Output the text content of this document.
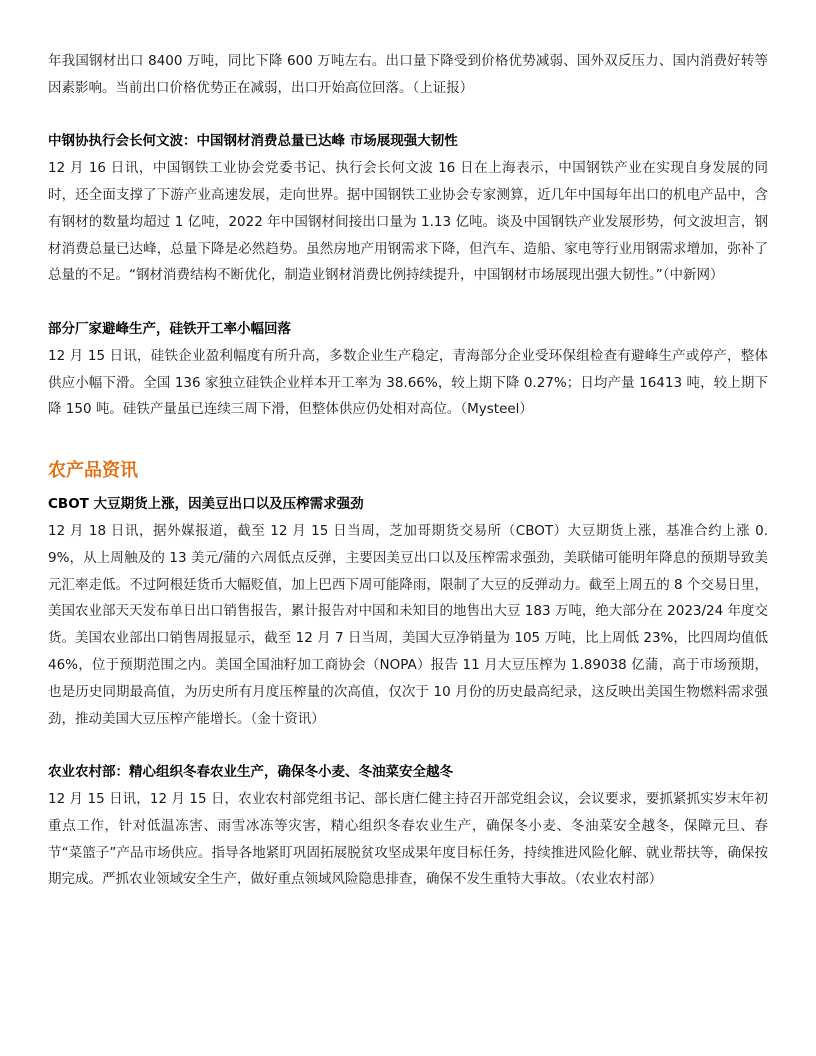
年我国钢材出口 8400 万吨，同比下降 600 万吨左右。出口量下降受到价格优势减弱、国外双反压力、国内消费好转等因素影响。当前出口价格优势正在减弱，出口开始高位回落。（上证报）

中钢协执行会长何文波：中国钢材消费总量已达峰 市场展现强大韧性

12 月 16 日讯，中国钢铁工业协会党委书记、执行会长何文波 16 日在上海表示，中国钢铁产业在实现自身发展的同时，还全面支撑了下游产业高速发展，走向世界。据中国钢铁工业协会专家测算，近几年中国每年出口的机电产品中，含有钢材的数量均超过 1 亿吨，2022 年中国钢材间接出口量为 1.13 亿吨。谈及中国钢铁产业发展形势，何文波坦言，钢材消费总量已达峰，总量下降是必然趋势。虽然房地产用钢需求下降，但汽车、造船、家电等行业用钢需求增加，弥补了总量的不足。“钢材消费结构不断优化，制造业钢材消费比例持续提升，中国钢材市场展现出强大韧性。”（中新网）

部分厂家避峰生产，硅铁开工率小幅回落

12 月 15 日讯，硅铁企业盈利幅度有所升高，多数企业生产稳定，青海部分企业受环保组检查有避峰生产或停产，整体供应小幅下滑。全国 136 家独立硅铁企业样本开工率为 38.66%，较上期下降 0.27%；日均产量 16413 吨，较上期下降 150 吨。硅铁产量虽已连续三周下滑，但整体供应仍处相对高位。（Mysteel）

农产品资讯

CBOT 大豆期货上涨，因美豆出口以及压榨需求强劲

12 月 18 日讯，据外媒报道，截至 12 月 15 日当周，芝加哥期货交易所（CBOT）大豆期货上涨，基准合约上涨 0.9%，从上周触及的 13 美元/蒲的六周低点反弹，主要因美豆出口以及压榨需求强劲，美联储可能明年降息的预期导致美元汇率走低。不过阿根廷货币大幅贬值，加上巴西下周可能降雨，限制了大豆的反弹动力。截至上周五的 8 个交易日里，美国农业部天天发布单日出口销售报告，累计报告对中国和未知目的地售出大豆 183 万吨，绝大部分在 2023/24 年度交货。美国农业部出口销售周报显示，截至 12 月 7 日当周，美国大豆净销量为 105 万吨，比上周低 23%，比四周均值低 46%，位于预期范围之内。美国全国油籽加工商协会（NOPA）报告 11 月大豆压榨为 1.89038 亿蒲，高于市场预期，也是历史同期最高值，为历史所有月度压榨量的次高值，仅次于 10 月份的历史最高纪录，这反映出美国生物燃料需求强劲，推动美国大豆压榨产能增长。（金十资讯）

农业农村部：精心组织冬春农业生产，确保冬小麦、冬油菜安全越冬

12 月 15 日讯，12 月 15 日，农业农村部党组书记、部长唐仁健主持召开部党组会议，会议要求，要抓紧抓实岁末年初重点工作，针对低温冻害、雨雪冰冻等灾害，精心组织冬春农业生产，确保冬小麦、冬油菜安全越冬，保障元旦、春节“菜篮子”产品市场供应。指导各地紧盯巩固拓展脱贫攻坚成果年度目标任务，持续推进风险化解、就业帮扶等，确保按期完成。严抓农业领域安全生产，做好重点领域风险隐患排查，确保不发生重特大事故。（农业农村部）
